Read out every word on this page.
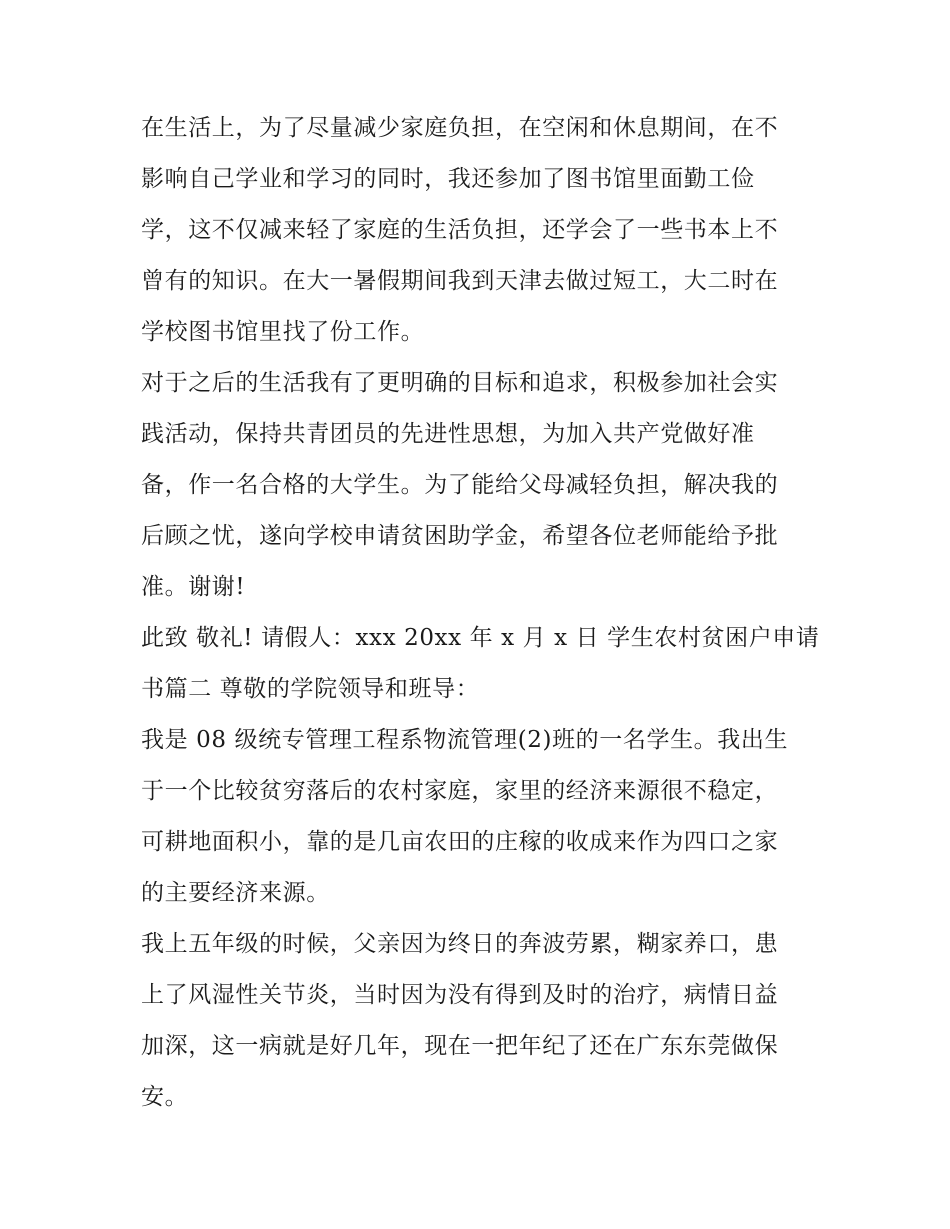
在生活上，为了尽量减少家庭负担，在空闲和休息期间，在不
影响自己学业和学习的同时，我还参加了图书馆里面勤工俭
学，这不仅减来轻了家庭的生活负担，还学会了一些书本上不
曾有的知识。在大一暑假期间我到天津去做过短工，大二时在
学校图书馆里找了份工作。
对于之后的生活我有了更明确的目标和追求，积极参加社会实
践活动，保持共青团员的先进性思想，为加入共产党做好准
备，作一名合格的大学生。为了能给父母减轻负担，解决我的
后顾之忧，遂向学校申请贫困助学金，希望各位老师能给予批
准。谢谢!
此致 敬礼! 请假人：xxx 20xx 年 x 月 x 日 学生农村贫困户申请
书篇二 尊敬的学院领导和班导：
我是 08 级统专管理工程系物流管理(2)班的一名学生。我出生
于一个比较贫穷落后的农村家庭，家里的经济来源很不稳定，
可耕地面积小，靠的是几亩农田的庄稼的收成来作为四口之家
的主要经济来源。
我上五年级的时候，父亲因为终日的奔波劳累，糊家养口，患
上了风湿性关节炎，当时因为没有得到及时的治疗，病情日益
加深，这一病就是好几年，现在一把年纪了还在广东东莞做保
安。
